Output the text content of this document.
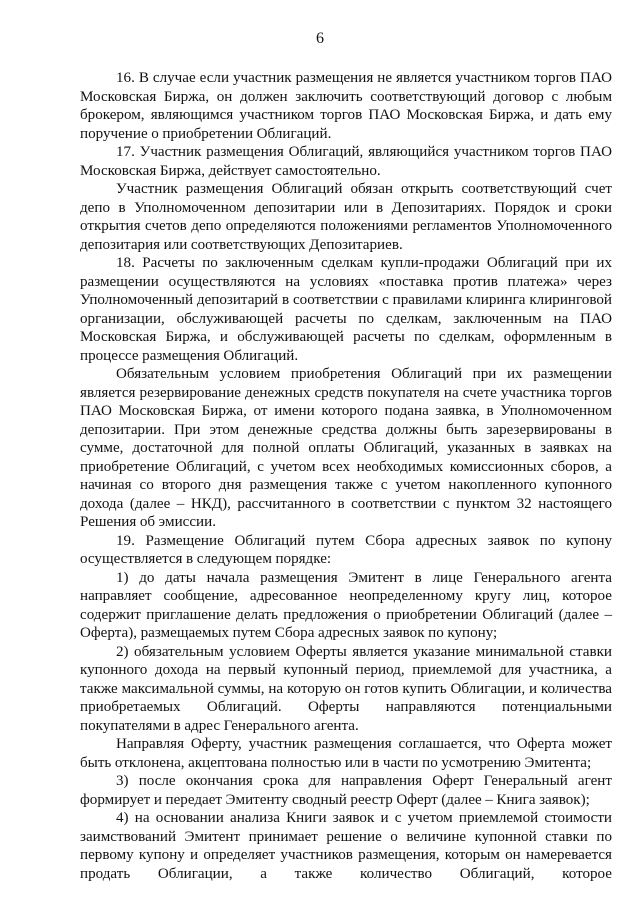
6

16. В случае если участник размещения не является участником торгов ПАО Московская Биржа, он должен заключить соответствующий договор с любым брокером, являющимся участником торгов ПАО Московская Биржа, и дать ему поручение о приобретении Облигаций.

17. Участник размещения Облигаций, являющийся участником торгов ПАО Московская Биржа, действует самостоятельно.

Участник размещения Облигаций обязан открыть соответствующий счет депо в Уполномоченном депозитарии или в Депозитариях. Порядок и сроки открытия счетов депо определяются положениями регламентов Уполномоченного депозитария или соответствующих Депозитариев.

18. Расчеты по заключенным сделкам купли-продажи Облигаций при их размещении осуществляются на условиях «поставка против платежа» через Уполномоченный депозитарий в соответствии с правилами клиринга клиринговой организации, обслуживающей расчеты по сделкам, заключенным на ПАО Московская Биржа, и обслуживающей расчеты по сделкам, оформленным в процессе размещения Облигаций.

Обязательным условием приобретения Облигаций при их размещении является резервирование денежных средств покупателя на счете участника торгов ПАО Московская Биржа, от имени которого подана заявка, в Уполномоченном депозитарии. При этом денежные средства должны быть зарезервированы в сумме, достаточной для полной оплаты Облигаций, указанных в заявках на приобретение Облигаций, с учетом всех необходимых комиссионных сборов, а начиная со второго дня размещения также с учетом накопленного купонного дохода (далее – НКД), рассчитанного в соответствии с пунктом 32 настоящего Решения об эмиссии.

19. Размещение Облигаций путем Сбора адресных заявок по купону осуществляется в следующем порядке:

1) до даты начала размещения Эмитент в лице Генерального агента направляет сообщение, адресованное неопределенному кругу лиц, которое содержит приглашение делать предложения о приобретении Облигаций (далее – Оферта), размещаемых путем Сбора адресных заявок по купону;

2) обязательным условием Оферты является указание минимальной ставки купонного дохода на первый купонный период, приемлемой для участника, а также максимальной суммы, на которую он готов купить Облигации, и количества приобретаемых Облигаций. Оферты направляются потенциальными покупателями в адрес Генерального агента.

Направляя Оферту, участник размещения соглашается, что Оферта может быть отклонена, акцептована полностью или в части по усмотрению Эмитента;

3) после окончания срока для направления Оферт Генеральный агент формирует и передает Эмитенту сводный реестр Оферт (далее – Книга заявок);

4) на основании анализа Книги заявок и с учетом приемлемой стоимости заимствований Эмитент принимает решение о величине купонной ставки по первому купону и определяет участников размещения, которым он намеревается продать Облигации, а также количество Облигаций, которое
